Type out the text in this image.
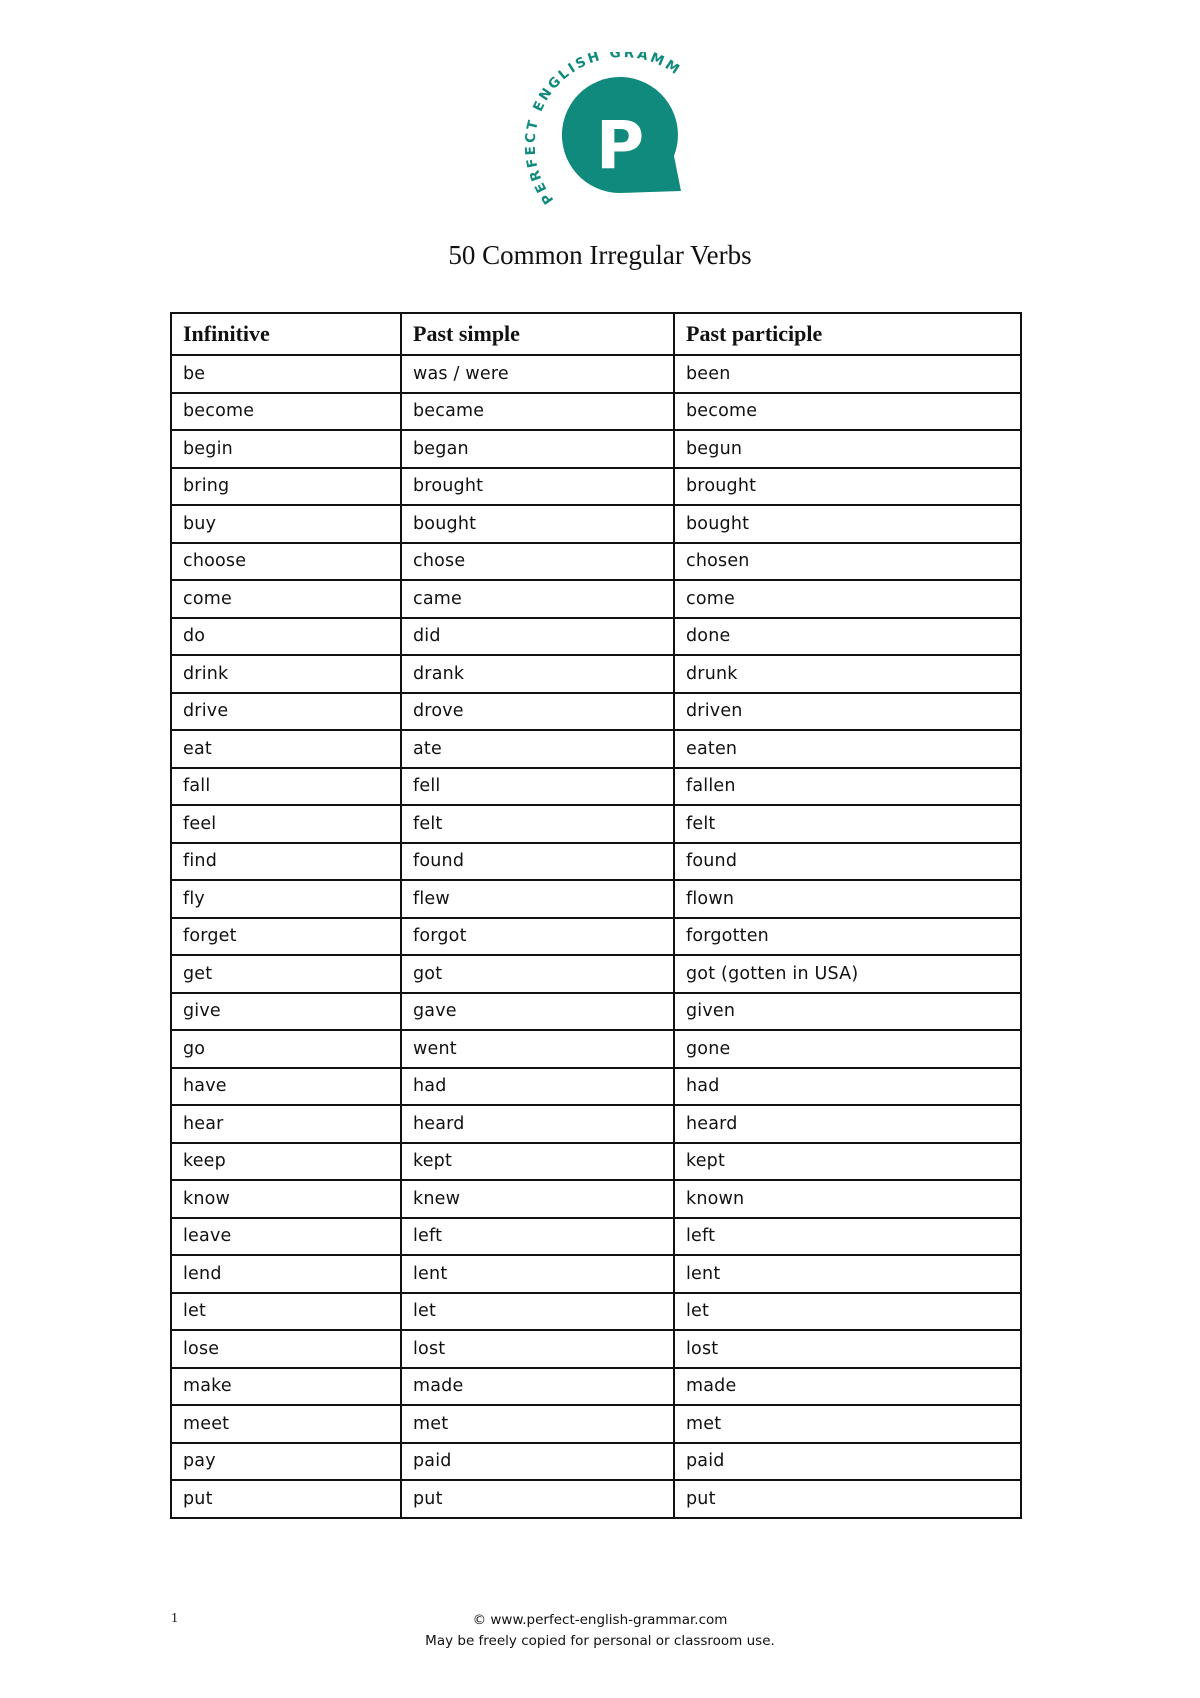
PERFECT ENGLISH GRAMM
P
50 Common Irregular Verbs
Infinitive	Past simple	Past participle
be	was / were	been
become	became	become
begin	began	begun
bring	brought	brought
buy	bought	bought
choose	chose	chosen
come	came	come
do	did	done
drink	drank	drunk
drive	drove	driven
eat	ate	eaten
fall	fell	fallen
feel	felt	felt
find	found	found
fly	flew	flown
forget	forgot	forgotten
get	got	got (gotten in USA)
give	gave	given
go	went	gone
have	had	had
hear	heard	heard
keep	kept	kept
know	knew	known
leave	left	left
lend	lent	lent
let	let	let
lose	lost	lost
make	made	made
meet	met	met
pay	paid	paid
put	put	put
1	© www.perfect-english-grammar.com
May be freely copied for personal or classroom use.
